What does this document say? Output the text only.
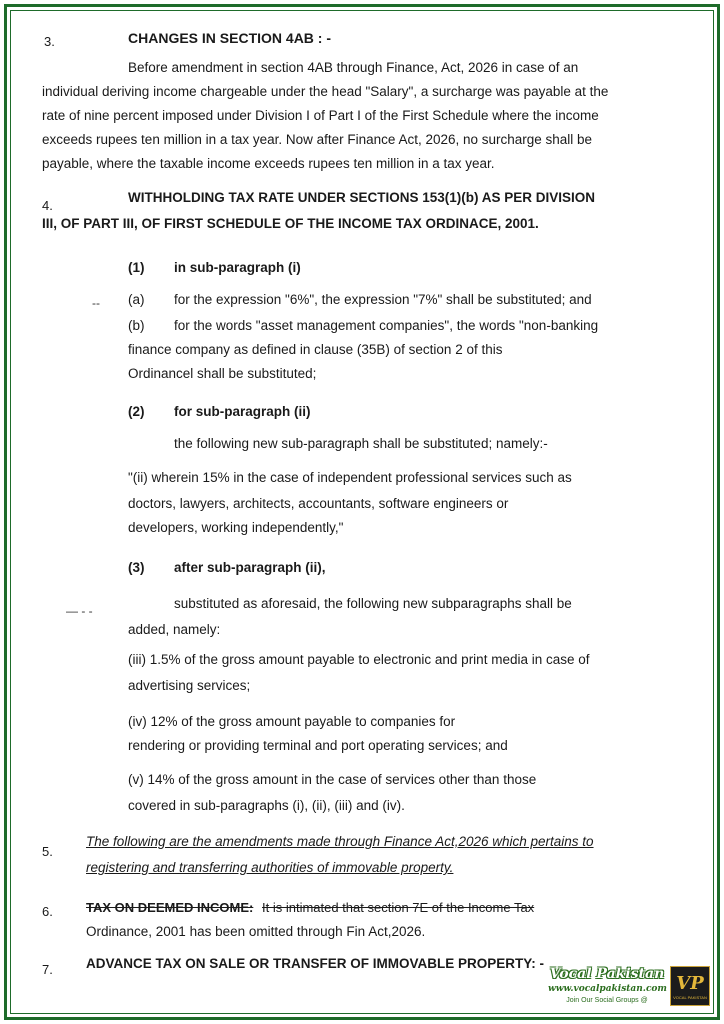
3.	CHANGES IN SECTION 4AB : -
Before amendment in section 4AB through Finance, Act, 2026 in case of an
individual deriving income chargeable under the head "Salary", a surcharge was payable at the
rate of nine percent imposed under Division I of Part I of the First Schedule where the income
exceeds rupees ten million in a tax year. Now after Finance Act, 2026, no surcharge shall be
payable, where the taxable income exceeds rupees ten million in a tax year.
4.
WITHHOLDING TAX RATE UNDER SECTIONS 153(1)(b) AS PER DIVISION
III, OF PART III, OF FIRST SCHEDULE OF THE INCOME TAX ORDINACE, 2001.
(1) in sub-paragraph (i)
-- (a) for the expression "6%", the expression "7%" shall be substituted; and
(b) for the words "asset management companies", the words "non-banking
finance company as defined in clause (35B) of section 2 of this
Ordinancel shall be substituted;
(2) for sub-paragraph (ii)
the following new sub-paragraph shall be substituted; namely:-
"(ii) wherein 15% in the case of independent professional services such as
doctors, lawyers, architects, accountants, software engineers or
developers, working independently,"
(3) after sub-paragraph (ii),
— - -	substituted as aforesaid, the following new subparagraphs shall be
added, namely:
(iii) 1.5% of the gross amount payable to electronic and print media in case of
advertising services;
(iv) 12% of the gross amount payable to companies for
rendering or providing terminal and port operating services; and
(v) 14% of the gross amount in the case of services other than those
covered in sub-paragraphs (i), (ii), (iii) and (iv).
5.
The following are the amendments made through Finance Act,2026 which pertains to
registering and transferring authorities of immovable property.
6.	TAX ON DEEMED INCOME: It is intimated that section 7E of the Income Tax
Ordinance, 2001 has been omitted through Fin Act,2026.
7. ADVANCE TAX ON SALE OR TRANSFER OF IMMOVABLE PROPERTY: -
Vocal Pakistan
www.vocalpakistan.com
Join Our Social Groups @
VP
VOCAL PAKISTAN
